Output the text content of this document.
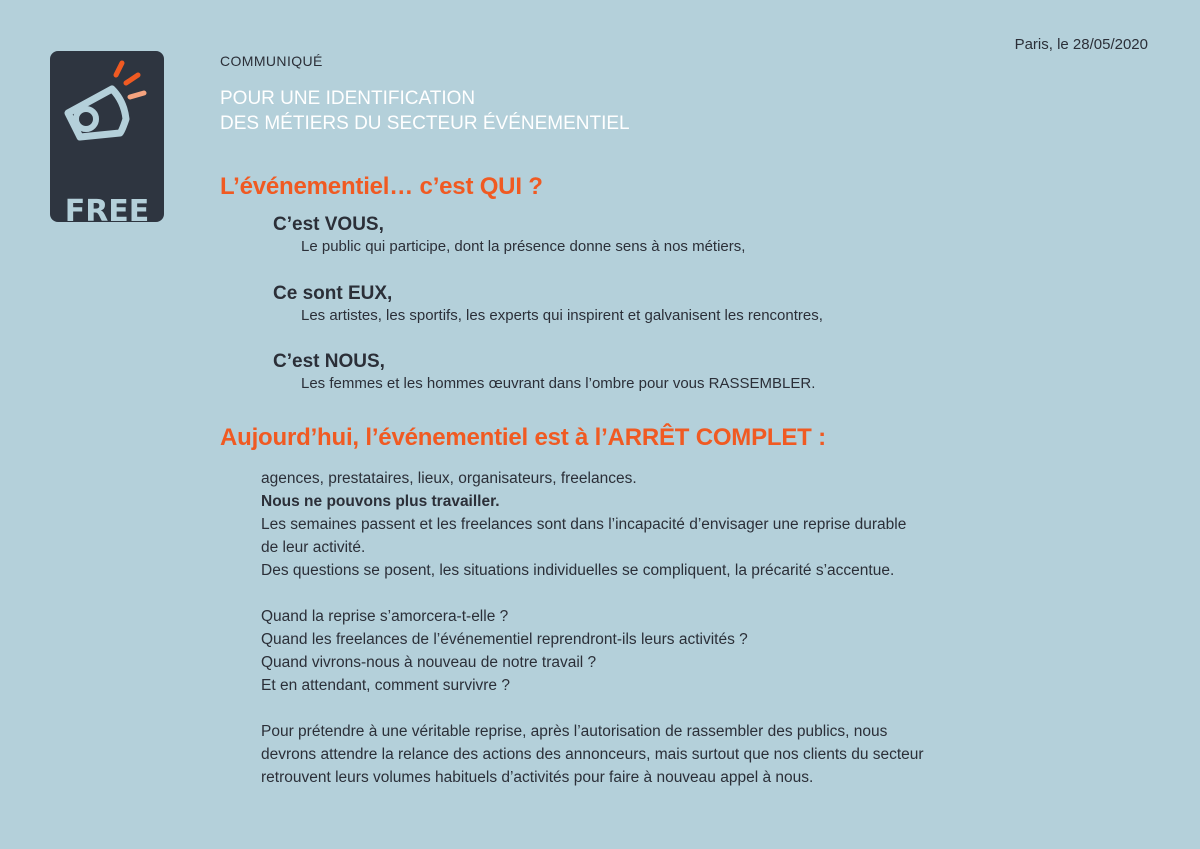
FREE
LANCES
DE L'ÉVÉNEMENTIEL
Paris, le 28/05/2020
COMMUNIQUÉ
POUR UNE IDENTIFICATION
DES MÉTIERS DU SECTEUR ÉVÉNEMENTIEL
L’événementiel… c’est QUI ?
C’est VOUS,
Le public qui participe, dont la présence donne sens à nos métiers,
Ce sont EUX,
Les artistes, les sportifs, les experts qui inspirent et galvanisent les rencontres,
C’est NOUS,
Les femmes et les hommes œuvrant dans l’ombre pour vous RASSEMBLER.
Aujourd’hui, l’événementiel est à l’ARRÊT COMPLET :

agences, prestataires, lieux, organisateurs, freelances.

Nous ne pouvons plus travailler.

Les semaines passent et les freelances sont dans l’incapacité d’envisager une reprise durable

de leur activité.

Des questions se posent, les situations individuelles se compliquent, la précarité s’accentue.

Quand la reprise s’amorcera-t-elle ?

Quand les freelances de l’événementiel reprendront-ils leurs activités ?

Quand vivrons-nous à nouveau de notre travail ?

Et en attendant, comment survivre ?

Pour prétendre à une véritable reprise, après l’autorisation de rassembler des publics, nous

devrons attendre la relance des actions des annonceurs, mais surtout que nos clients du secteur

retrouvent leurs volumes habituels d’activités pour faire à nouveau appel à nous.
